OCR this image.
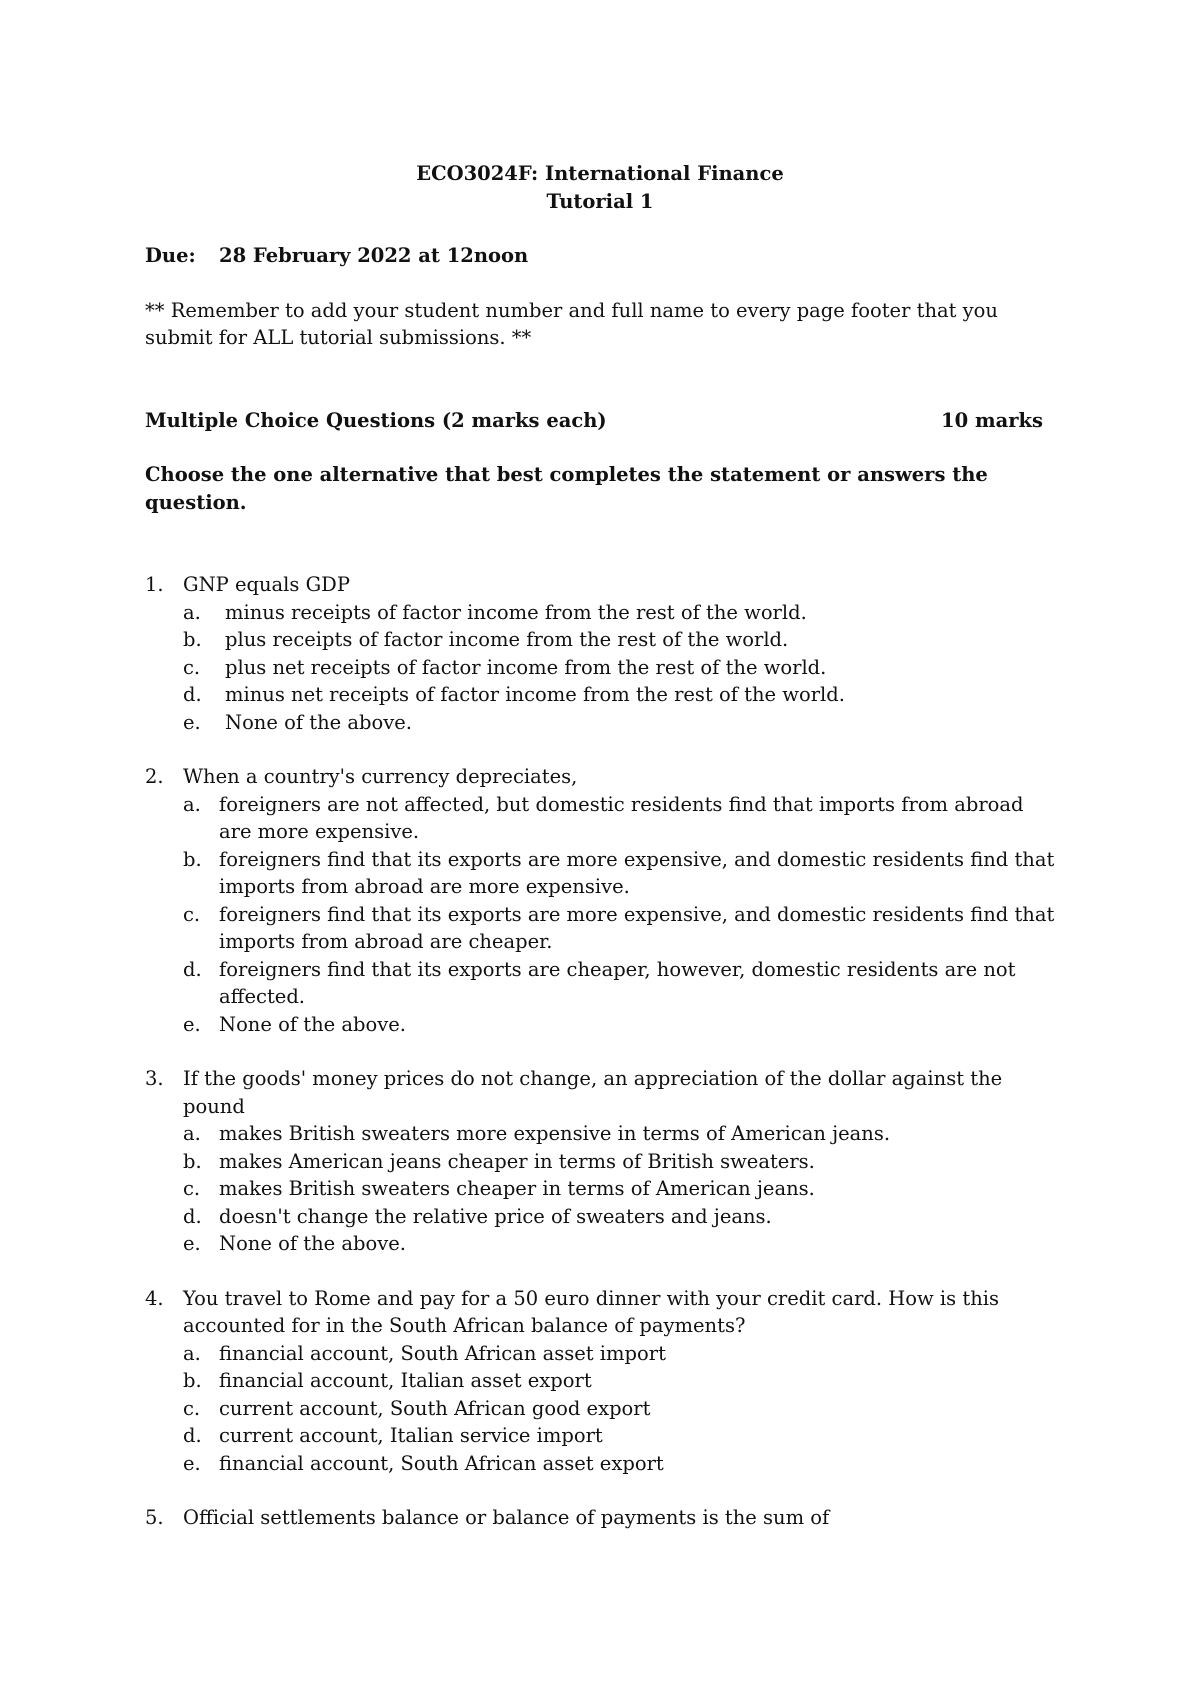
ECO3024F: International Finance
Tutorial 1

Due: 28 February 2022 at 12noon
** Remember to add your student number and full name to every page footer that you submit for ALL tutorial submissions. **
Multiple Choice Questions (2 marks each)	10 marks
Choose the one alternative that best completes the statement or answers the question.
1. GNP equals GDP
a.	minus receipts of factor income from the rest of the world.
b.	plus receipts of factor income from the rest of the world.
c.	plus net receipts of factor income from the rest of the world.
d.	minus net receipts of factor income from the rest of the world.
e.	None of the above.
2. When a country's currency depreciates,
a. foreigners are not affected, but domestic residents find that imports from abroad are more expensive.
b. foreigners find that its exports are more expensive, and domestic residents find that imports from abroad are more expensive.
c. foreigners find that its exports are more expensive, and domestic residents find that imports from abroad are cheaper.
d. foreigners find that its exports are cheaper, however, domestic residents are not affected.
e. None of the above.
3. If the goods' money prices do not change, an appreciation of the dollar against the pound
a. makes British sweaters more expensive in terms of American jeans.
b. makes American jeans cheaper in terms of British sweaters.
c. makes British sweaters cheaper in terms of American jeans.
d. doesn't change the relative price of sweaters and jeans.
e. None of the above.
4. You travel to Rome and pay for a 50 euro dinner with your credit card. How is this accounted for in the South African balance of payments?
a. financial account, South African asset import
b. financial account, Italian asset export
c. current account, South African good export
d. current account, Italian service import
e. financial account, South African asset export
5. Official settlements balance or balance of payments is the sum of
